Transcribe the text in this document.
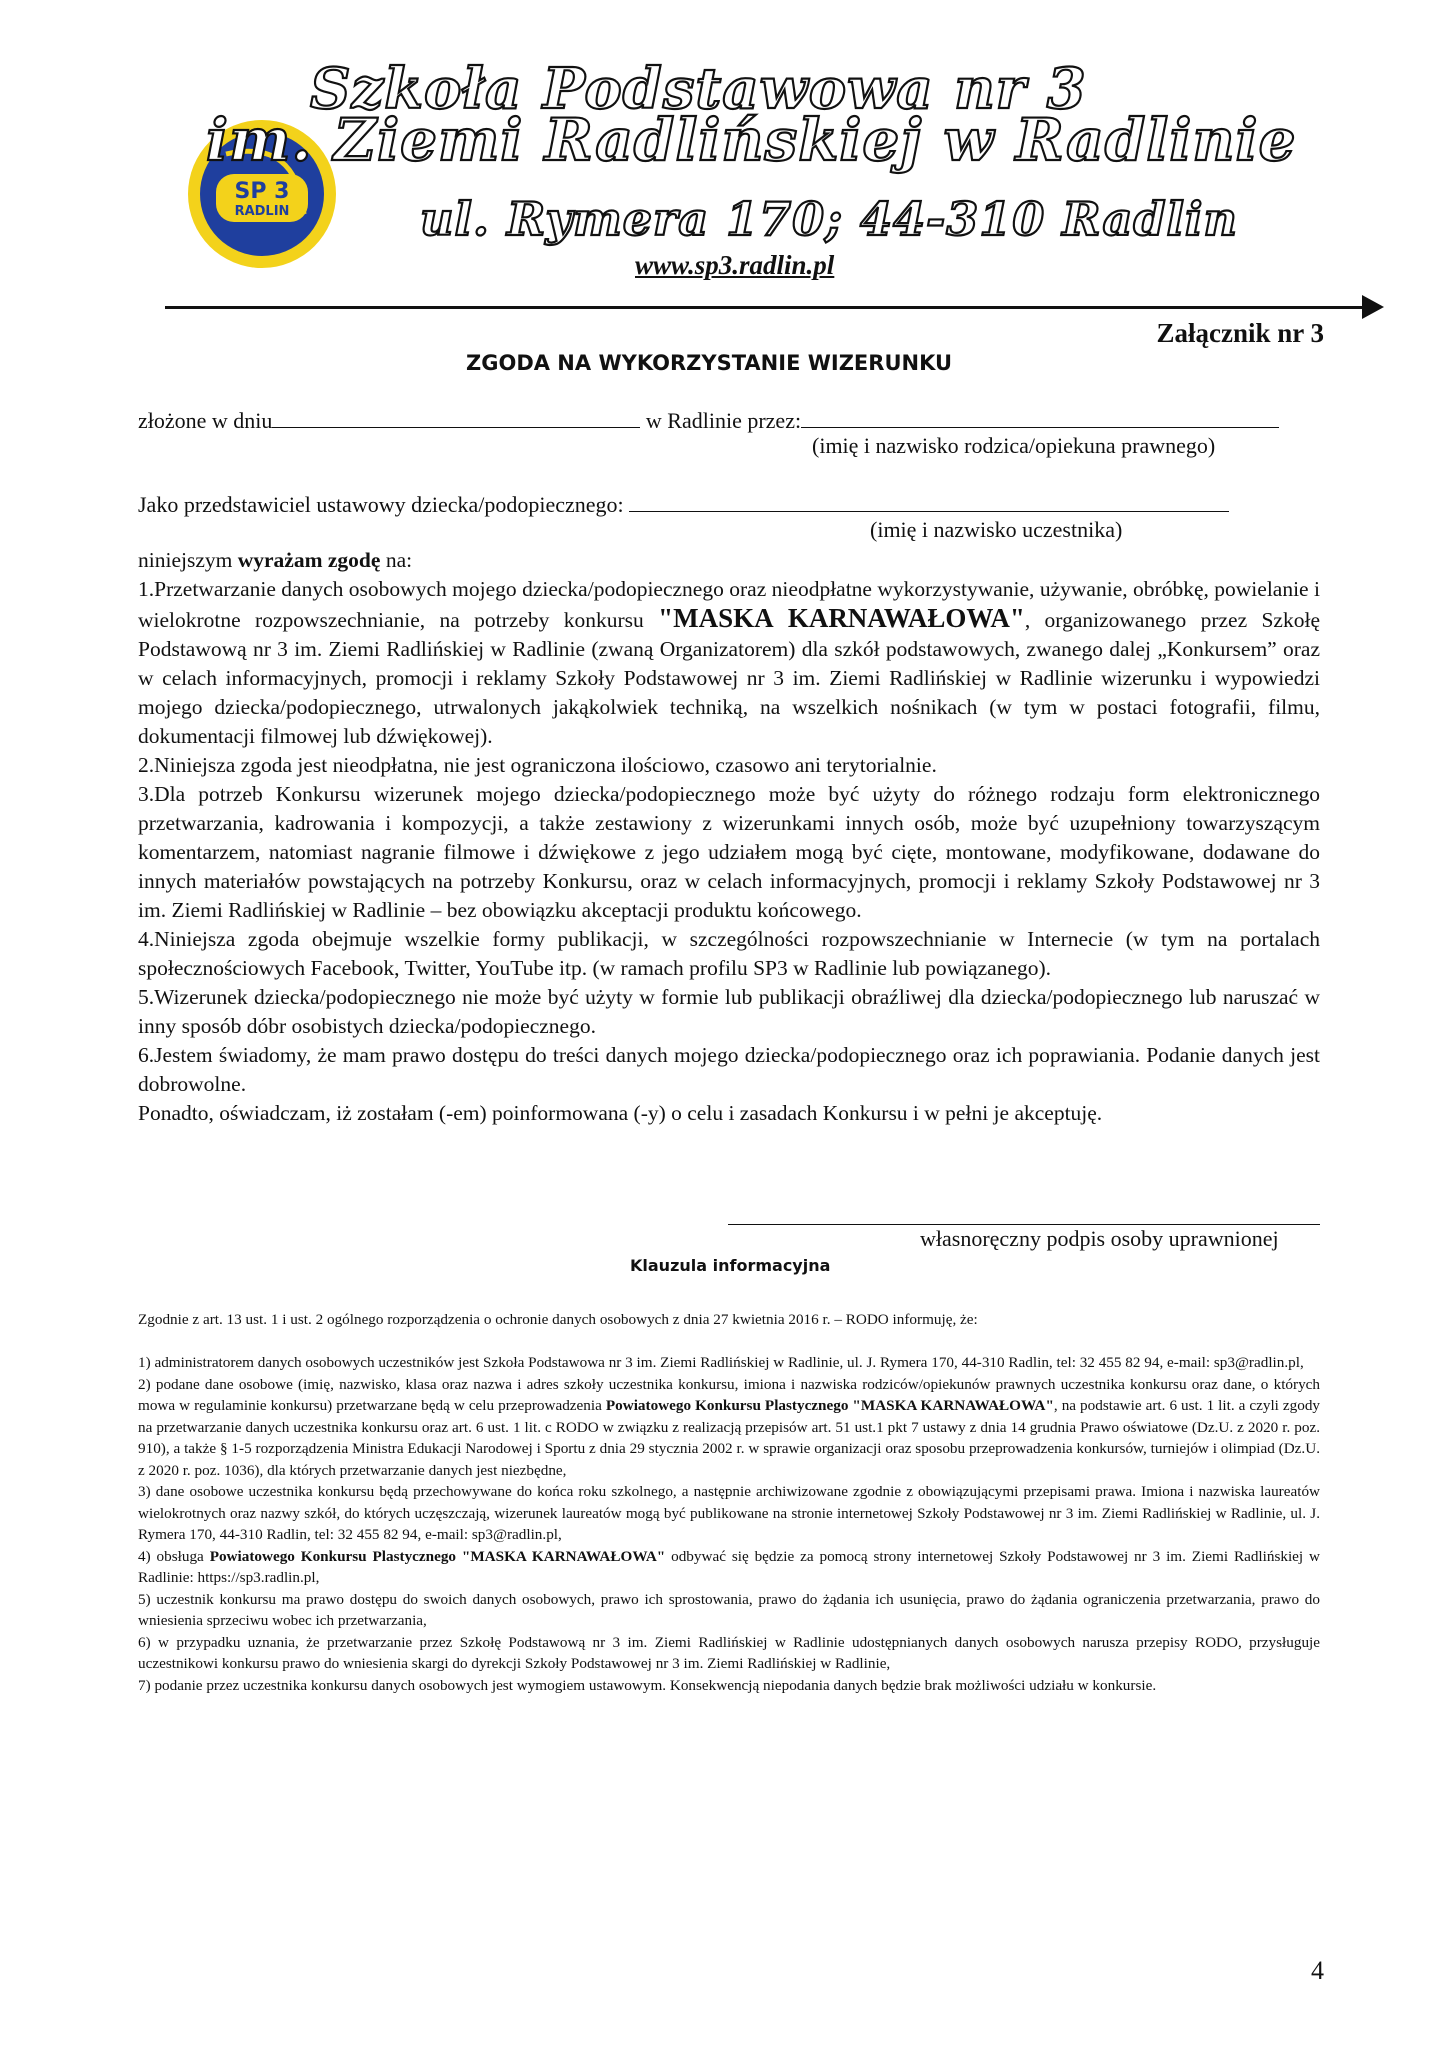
SP 3
RADLIN
Szkoła Podstawowa nr 3
im. Ziemi Radlińskiej w Radlinie
ul. Rymera 170; 44-310 Radlin
www.sp3.radlin.pl
Załącznik nr 3
ZGODA NA WYKORZYSTANIE WIZERUNKU
złożone w dniu	w Radlinie przez:
(imię i nazwisko rodzica/opiekuna prawnego)
Jako przedstawiciel ustawowy dziecka/podopiecznego:
(imię i nazwisko uczestnika)

niniejszym wyrażam zgodę na:

1.Przetwarzanie danych osobowych mojego dziecka/podopiecznego oraz nieodpłatne wykorzystywanie, używanie, obróbkę, powielanie i wielokrotne rozpowszechnianie, na potrzeby konkursu "MASKA KARNAWAŁOWA", organizowanego przez Szkołę Podstawową nr 3 im. Ziemi Radlińskiej w Radlinie (zwaną Organizatorem) dla szkół podstawowych, zwanego dalej „Konkursem” oraz w celach informacyjnych, promocji i reklamy Szkoły Podstawowej nr 3 im. Ziemi Radlińskiej w Radlinie wizerunku i wypowiedzi mojego dziecka/podopiecznego, utrwalonych jakąkolwiek techniką, na wszelkich nośnikach (w tym w postaci fotografii, filmu, dokumentacji filmowej lub dźwiękowej).

2.Niniejsza zgoda jest nieodpłatna, nie jest ograniczona ilościowo, czasowo ani terytorialnie.

3.Dla potrzeb Konkursu wizerunek mojego dziecka/podopiecznego może być użyty do różnego rodzaju form elektronicznego przetwarzania, kadrowania i kompozycji, a także zestawiony z wizerunkami innych osób, może być uzupełniony towarzyszącym komentarzem, natomiast nagranie filmowe i dźwiękowe z jego udziałem mogą być cięte, montowane, modyfikowane, dodawane do innych materiałów powstających na potrzeby Konkursu, oraz w celach informacyjnych, promocji i reklamy Szkoły Podstawowej nr 3 im. Ziemi Radlińskiej w Radlinie – bez obowiązku akceptacji produktu końcowego.

4.Niniejsza zgoda obejmuje wszelkie formy publikacji, w szczególności rozpowszechnianie w Internecie (w tym na portalach społecznościowych Facebook, Twitter, YouTube itp. (w ramach profilu SP3 w Radlinie lub powiązanego).

5.Wizerunek dziecka/podopiecznego nie może być użyty w formie lub publikacji obraźliwej dla dziecka/podopiecznego lub naruszać w inny sposób dóbr osobistych dziecka/podopiecznego.

6.Jestem świadomy, że mam prawo dostępu do treści danych mojego dziecka/podopiecznego oraz ich poprawiania. Podanie danych jest dobrowolne.

Ponadto, oświadczam, iż zostałam (-em) poinformowana (-y) o celu i zasadach Konkursu i w pełni je akceptuję.

własnoręczny podpis osoby uprawnionej
Klauzula informacyjna
Zgodnie z art. 13 ust. 1 i ust. 2 ogólnego rozporządzenia o ochronie danych osobowych z dnia 27 kwietnia 2016 r. – RODO informuję, że:

1) administratorem danych osobowych uczestników jest Szkoła Podstawowa nr 3 im. Ziemi Radlińskiej w Radlinie, ul. J. Rymera 170, 44-310 Radlin, tel: 32 455 82 94, e-mail: sp3@radlin.pl,

2) podane dane osobowe (imię, nazwisko, klasa oraz nazwa i adres szkoły uczestnika konkursu, imiona i nazwiska rodziców/opiekunów prawnych uczestnika konkursu oraz dane, o których mowa w regulaminie konkursu) przetwarzane będą w celu przeprowadzenia Powiatowego Konkursu Plastycznego "MASKA KARNAWAŁOWA", na podstawie art. 6 ust. 1 lit. a czyli zgody na przetwarzanie danych uczestnika konkursu oraz art. 6 ust. 1 lit. c RODO w związku z realizacją przepisów art. 51 ust.1 pkt 7 ustawy z dnia 14 grudnia Prawo oświatowe (Dz.U. z 2020 r. poz. 910), a także § 1-5 rozporządzenia Ministra Edukacji Narodowej i Sportu z dnia 29 stycznia 2002 r. w sprawie organizacji oraz sposobu przeprowadzenia konkursów, turniejów i olimpiad (Dz.U. z 2020 r. poz. 1036), dla których przetwarzanie danych jest niezbędne,

3) dane osobowe uczestnika konkursu będą przechowywane do końca roku szkolnego, a następnie archiwizowane zgodnie z obowiązującymi przepisami prawa. Imiona i nazwiska laureatów wielokrotnych oraz nazwy szkół, do których uczęszczają, wizerunek laureatów mogą być publikowane na stronie internetowej Szkoły Podstawowej nr 3 im. Ziemi Radlińskiej w Radlinie, ul. J. Rymera 170, 44-310 Radlin, tel: 32 455 82 94, e-mail: sp3@radlin.pl,

4) obsługa Powiatowego Konkursu Plastycznego "MASKA KARNAWAŁOWA" odbywać się będzie za pomocą strony internetowej Szkoły Podstawowej nr 3 im. Ziemi Radlińskiej w Radlinie: https://sp3.radlin.pl,

5) uczestnik konkursu ma prawo dostępu do swoich danych osobowych, prawo ich sprostowania, prawo do żądania ich usunięcia, prawo do żądania ograniczenia przetwarzania, prawo do wniesienia sprzeciwu wobec ich przetwarzania,

6) w przypadku uznania, że przetwarzanie przez Szkołę Podstawową nr 3 im. Ziemi Radlińskiej w Radlinie udostępnianych danych osobowych narusza przepisy RODO, przysługuje uczestnikowi konkursu prawo do wniesienia skargi do dyrekcji Szkoły Podstawowej nr 3 im. Ziemi Radlińskiej w Radlinie,

7) podanie przez uczestnika konkursu danych osobowych jest wymogiem ustawowym. Konsekwencją niepodania danych będzie brak możliwości udziału w konkursie.

4
